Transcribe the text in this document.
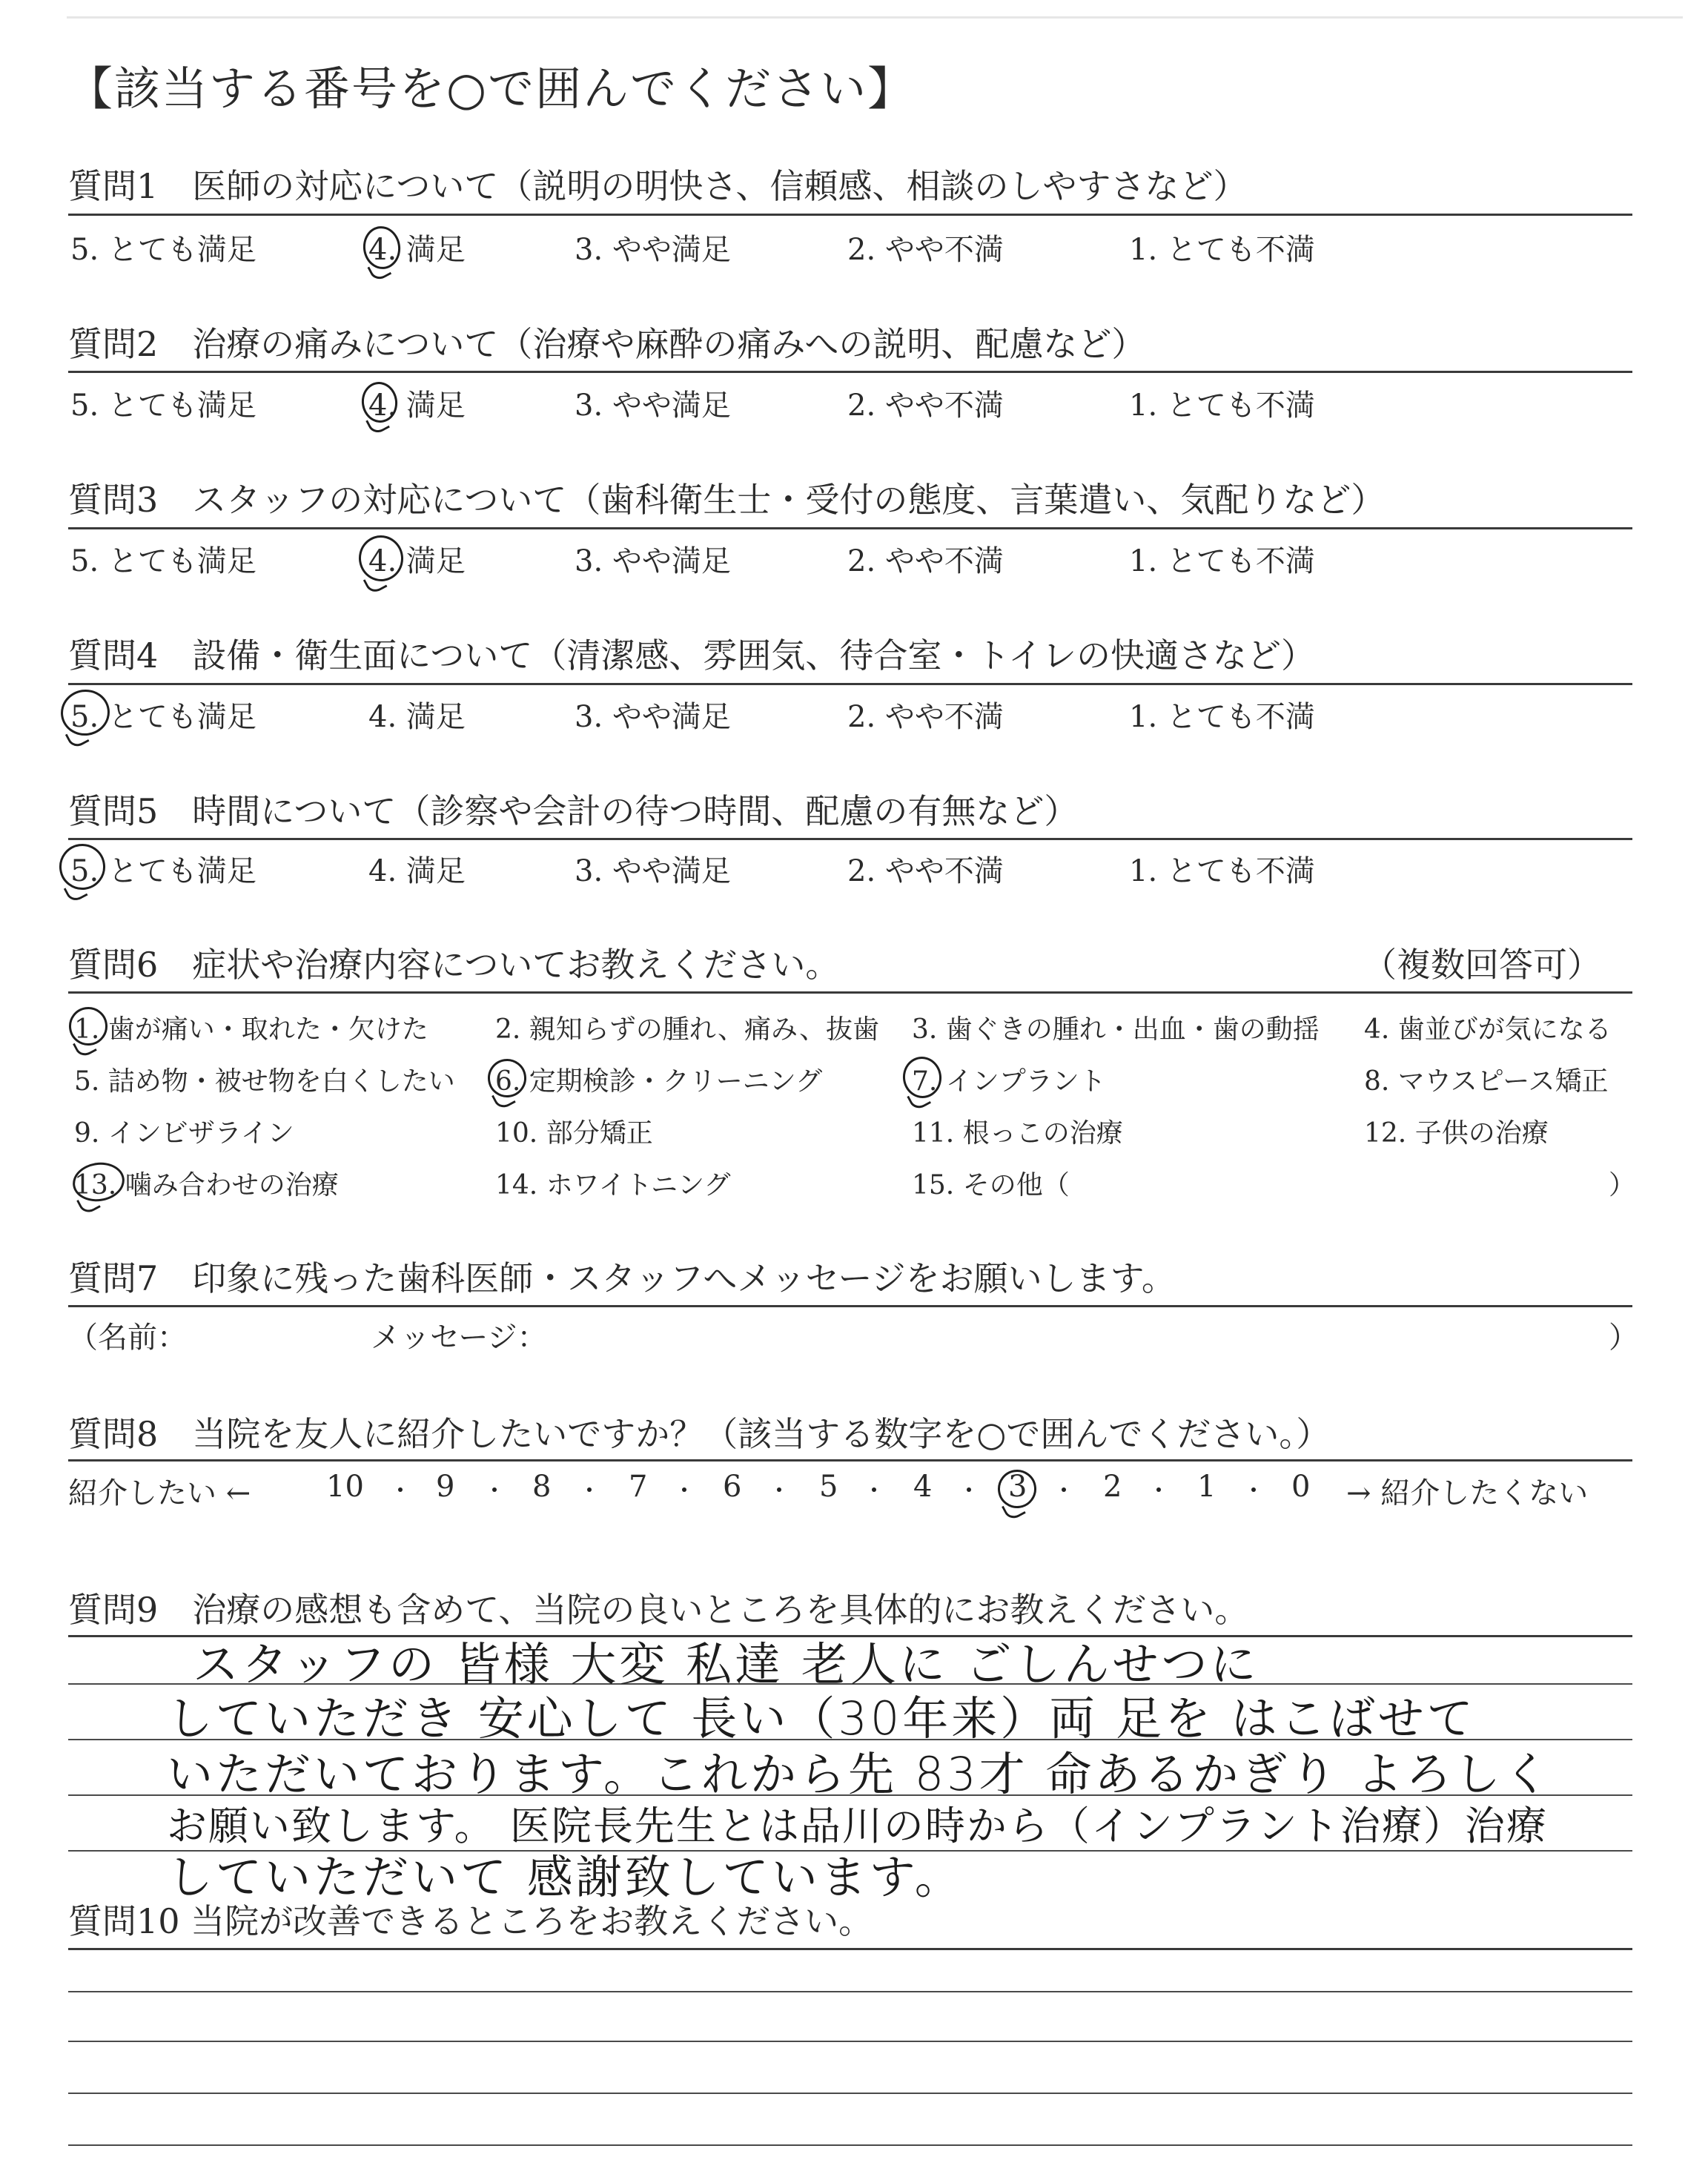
【該当する番号を○で囲んでください】
質問1　医師の対応について（説明の明快さ、信頼感、相談のしやすさなど）
5. とても満足	4. 満足	3. やや満足	2. やや不満	1. とても不満
質問2　治療の痛みについて（治療や麻酔の痛みへの説明、配慮など）
5. とても満足	4. 満足	3. やや満足	2. やや不満	1. とても不満
質問3　スタッフの対応について（歯科衛生士・受付の態度、言葉遣い、気配りなど）
5. とても満足	4. 満足	3. やや満足	2. やや不満	1. とても不満
質問4　設備・衛生面について（清潔感、雰囲気、待合室・トイレの快適さなど）
5. とても満足	4. 満足	3. やや満足	2. やや不満	1. とても不満
質問5　時間について（診察や会計の待つ時間、配慮の有無など）
5. とても満足	4. 満足	3. やや満足	2. やや不満	1. とても不満
質問6　症状や治療内容についてお教えください。	（複数回答可）
1. 歯が痛い・取れた・欠けた	2. 親知らずの腫れ、痛み、抜歯 3. 歯ぐきの腫れ・出血・歯の動揺 4. 歯並びが気になる
5. 詰め物・被せ物を白くしたい 6. 定期検診・クリーニング	7. インプラント	8. マウスピース矯正
9. インビザライン	10. 部分矯正	11. 根っこの治療	12. 子供の治療
13. 噛み合わせの治療	14. ホワイトニング	15. その他（	）
質問7　印象に残った歯科医師・スタッフへメッセージをお願いします。
（名前：	メッセージ：	）
質問8　当院を友人に紹介したいですか？（該当する数字を○で囲んでください。）
紹介したい ←	10 9	8	7	6	5	4	3	2	1	0 → 紹介したくない
質問9　治療の感想も含めて、当院の良いところを具体的にお教えください。
スタッフの 皆様 大変 私達 老人に ごしんせつに
していただき 安心して 長い（30年来）両 足を はこばせて
いただいております。これから先 83才 命あるかぎり よろしく
お願い致します。 医院長先生とは品川の時から（インプラント治療）治療
していただいて 感謝致しています。
質問10 当院が改善できるところをお教えください。
